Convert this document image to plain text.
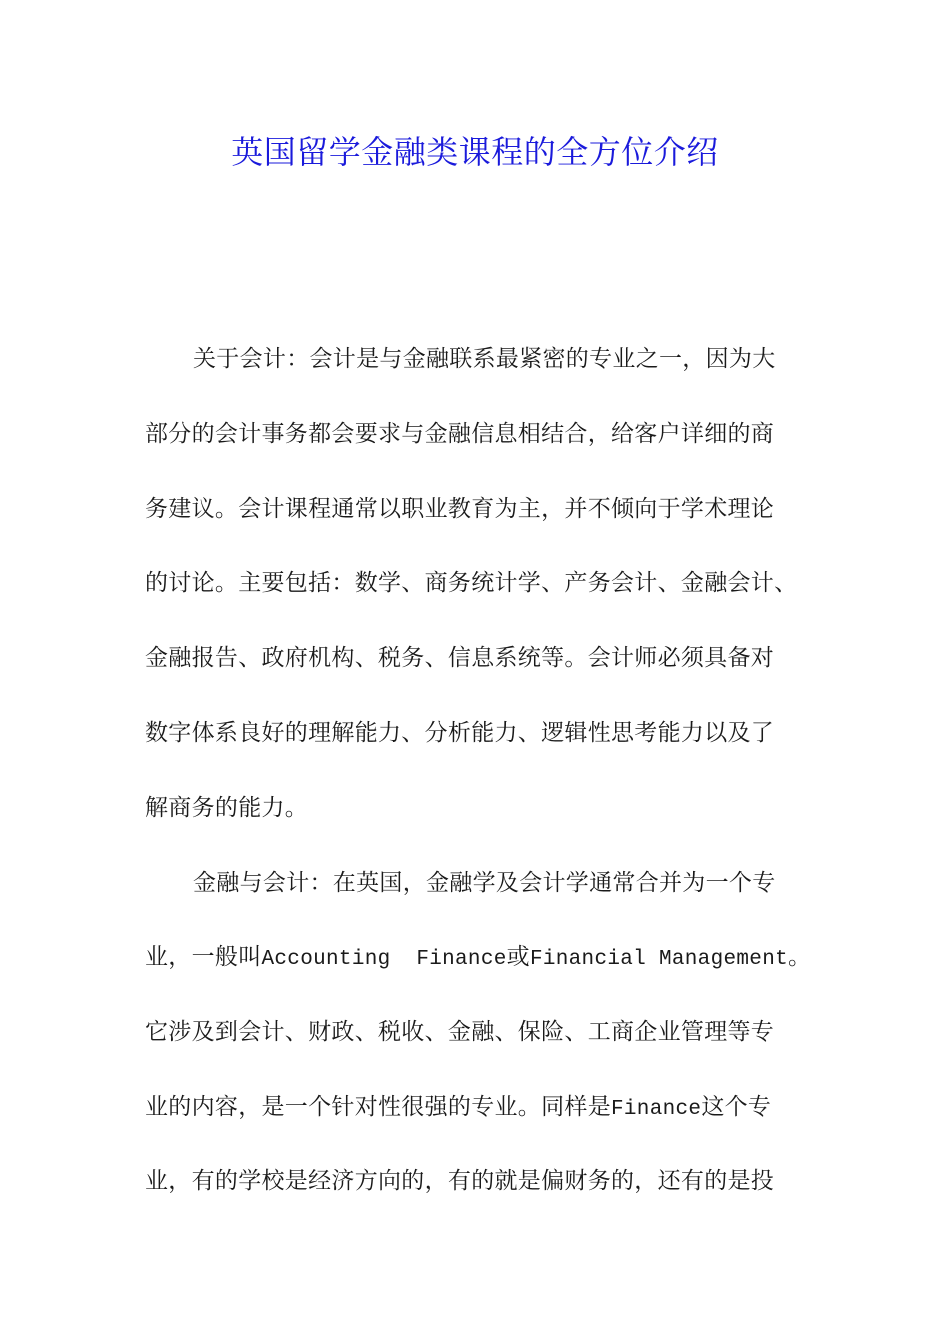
英国留学金融类课程的全方位介绍
关于会计：会计是与金融联系最紧密的专业之一，因为大
部分的会计事务都会要求与金融信息相结合，给客户详细的商
务建议。会计课程通常以职业教育为主，并不倾向于学术理论
的讨论。主要包括：数学、商务统计学、产务会计、金融会计、
金融报告、政府机构、税务、信息系统等。会计师必须具备对
数字体系良好的理解能力、分析能力、逻辑性思考能力以及了
解商务的能力。
金融与会计：在英国，金融学及会计学通常合并为一个专
业，一般叫Accounting  Finance或Financial Management。
它涉及到会计、财政、税收、金融、保险、工商企业管理等专
业的内容，是一个针对性很强的专业。同样是Finance这个专
业，有的学校是经济方向的，有的就是偏财务的，还有的是投
